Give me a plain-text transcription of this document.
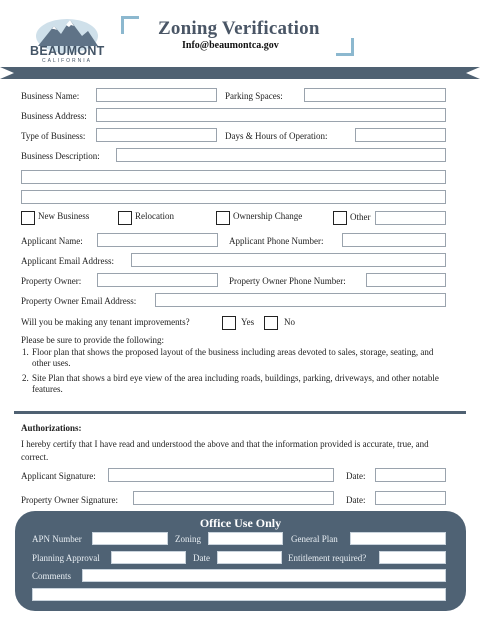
BEAUMONT
CALIFORNIA
Zoning Verification
Info@beaumontca.gov
Business Name:	Parking Spaces:
Business Address:
Type of Business:	Days & Hours of Operation:
Business Description:
New Business	Relocation	Ownership Change	Other
Applicant Name:	Applicant Phone Number:
Applicant Email Address:
Property Owner:	Property Owner Phone Number:
Property Owner Email Address:
Will you be making any tenant improvements?	Yes	No
Please be sure to provide the following:
1. Floor plan that shows the proposed layout of the business including areas devoted to sales, storage, seating, and other uses.
2. Site Plan that shows a bird eye view of the area including roads, buildings, parking, driveways, and other notable features.
Authorizations:
I hereby certify that I have read and understood the above and that the information provided is accurate, true, and correct.
Applicant Signature:	Date:
Property Owner Signature:	Date:
Office Use Only
APN Number	Zoning	General Plan
Planning Approval	Date	Entitlement required?
Comments
